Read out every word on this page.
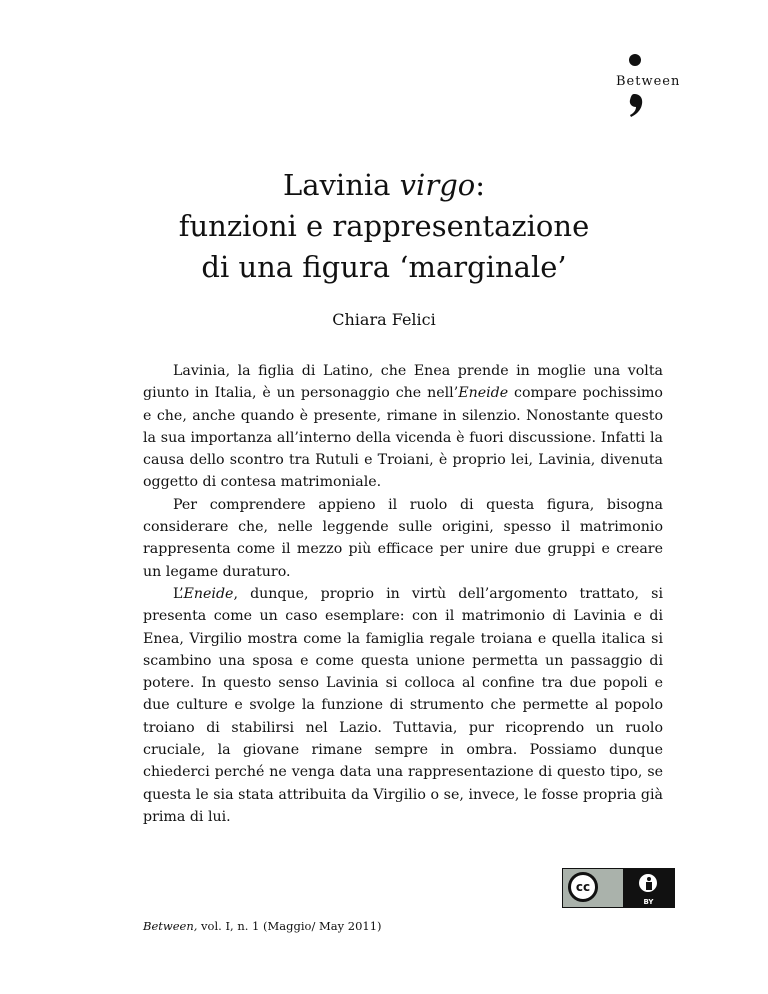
Between
Lavinia virgo:
funzioni e rappresentazione
di una figura ‘marginale’
Chiara Felici

Lavinia, la figlia di Latino, che Enea prende in moglie una volta giunto in Italia, è un personaggio che nell’Eneide compare pochissimo e che, anche quando è presente, rimane in silenzio. Nonostante questo la sua importanza all’interno della vicenda è fuori discussione. Infatti la causa dello scontro tra Rutuli e Troiani, è proprio lei, Lavinia, divenuta oggetto di contesa matrimoniale.

Per comprendere appieno il ruolo di questa figura, bisogna considerare che, nelle leggende sulle origini, spesso il matrimonio rappresenta come il mezzo più efficace per unire due gruppi e creare un legame duraturo.

L’Eneide, dunque, proprio in virtù dell’argomento trattato, si presenta come un caso esemplare: con il matrimonio di Lavinia e di Enea, Virgilio mostra come la famiglia regale troiana e quella italica si scambino una sposa e come questa unione permetta un passaggio di potere. In questo senso Lavinia si colloca al confine tra due popoli e due culture e svolge la funzione di strumento che permette al popolo troiano di stabilirsi nel Lazio. Tuttavia, pur ricoprendo un ruolo cruciale, la giovane rimane sempre in ombra. Possiamo dunque chiederci perché ne venga data una rappresentazione di questo tipo, se questa le sia stata attribuita da Virgilio o se, invece, le fosse propria già prima di lui.

cc
BY
Between, vol. I, n. 1 (Maggio/ May 2011)
